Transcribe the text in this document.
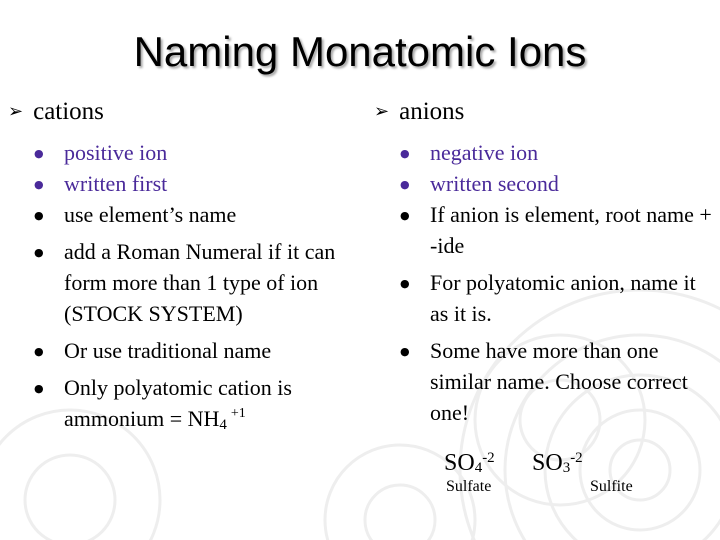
Naming Monatomic Ions
➢ cations
● positive ion
● written first
● use element’s name
● add a Roman Numeral if it can form more than 1 type of ion (STOCK SYSTEM)
● Or use traditional name
● Only polyatomic cation is ammonium = $NH4^{+1}$
➢ anions
● negative ion
● written second
● If anion is element, root name + -ide
● For polyatomic anion, name it as it is.
● Some have more than one similar name. Choose correct one!
$SO_4^{-2}$
Sulfate
$SO_3^{-2}$
Sulfite
